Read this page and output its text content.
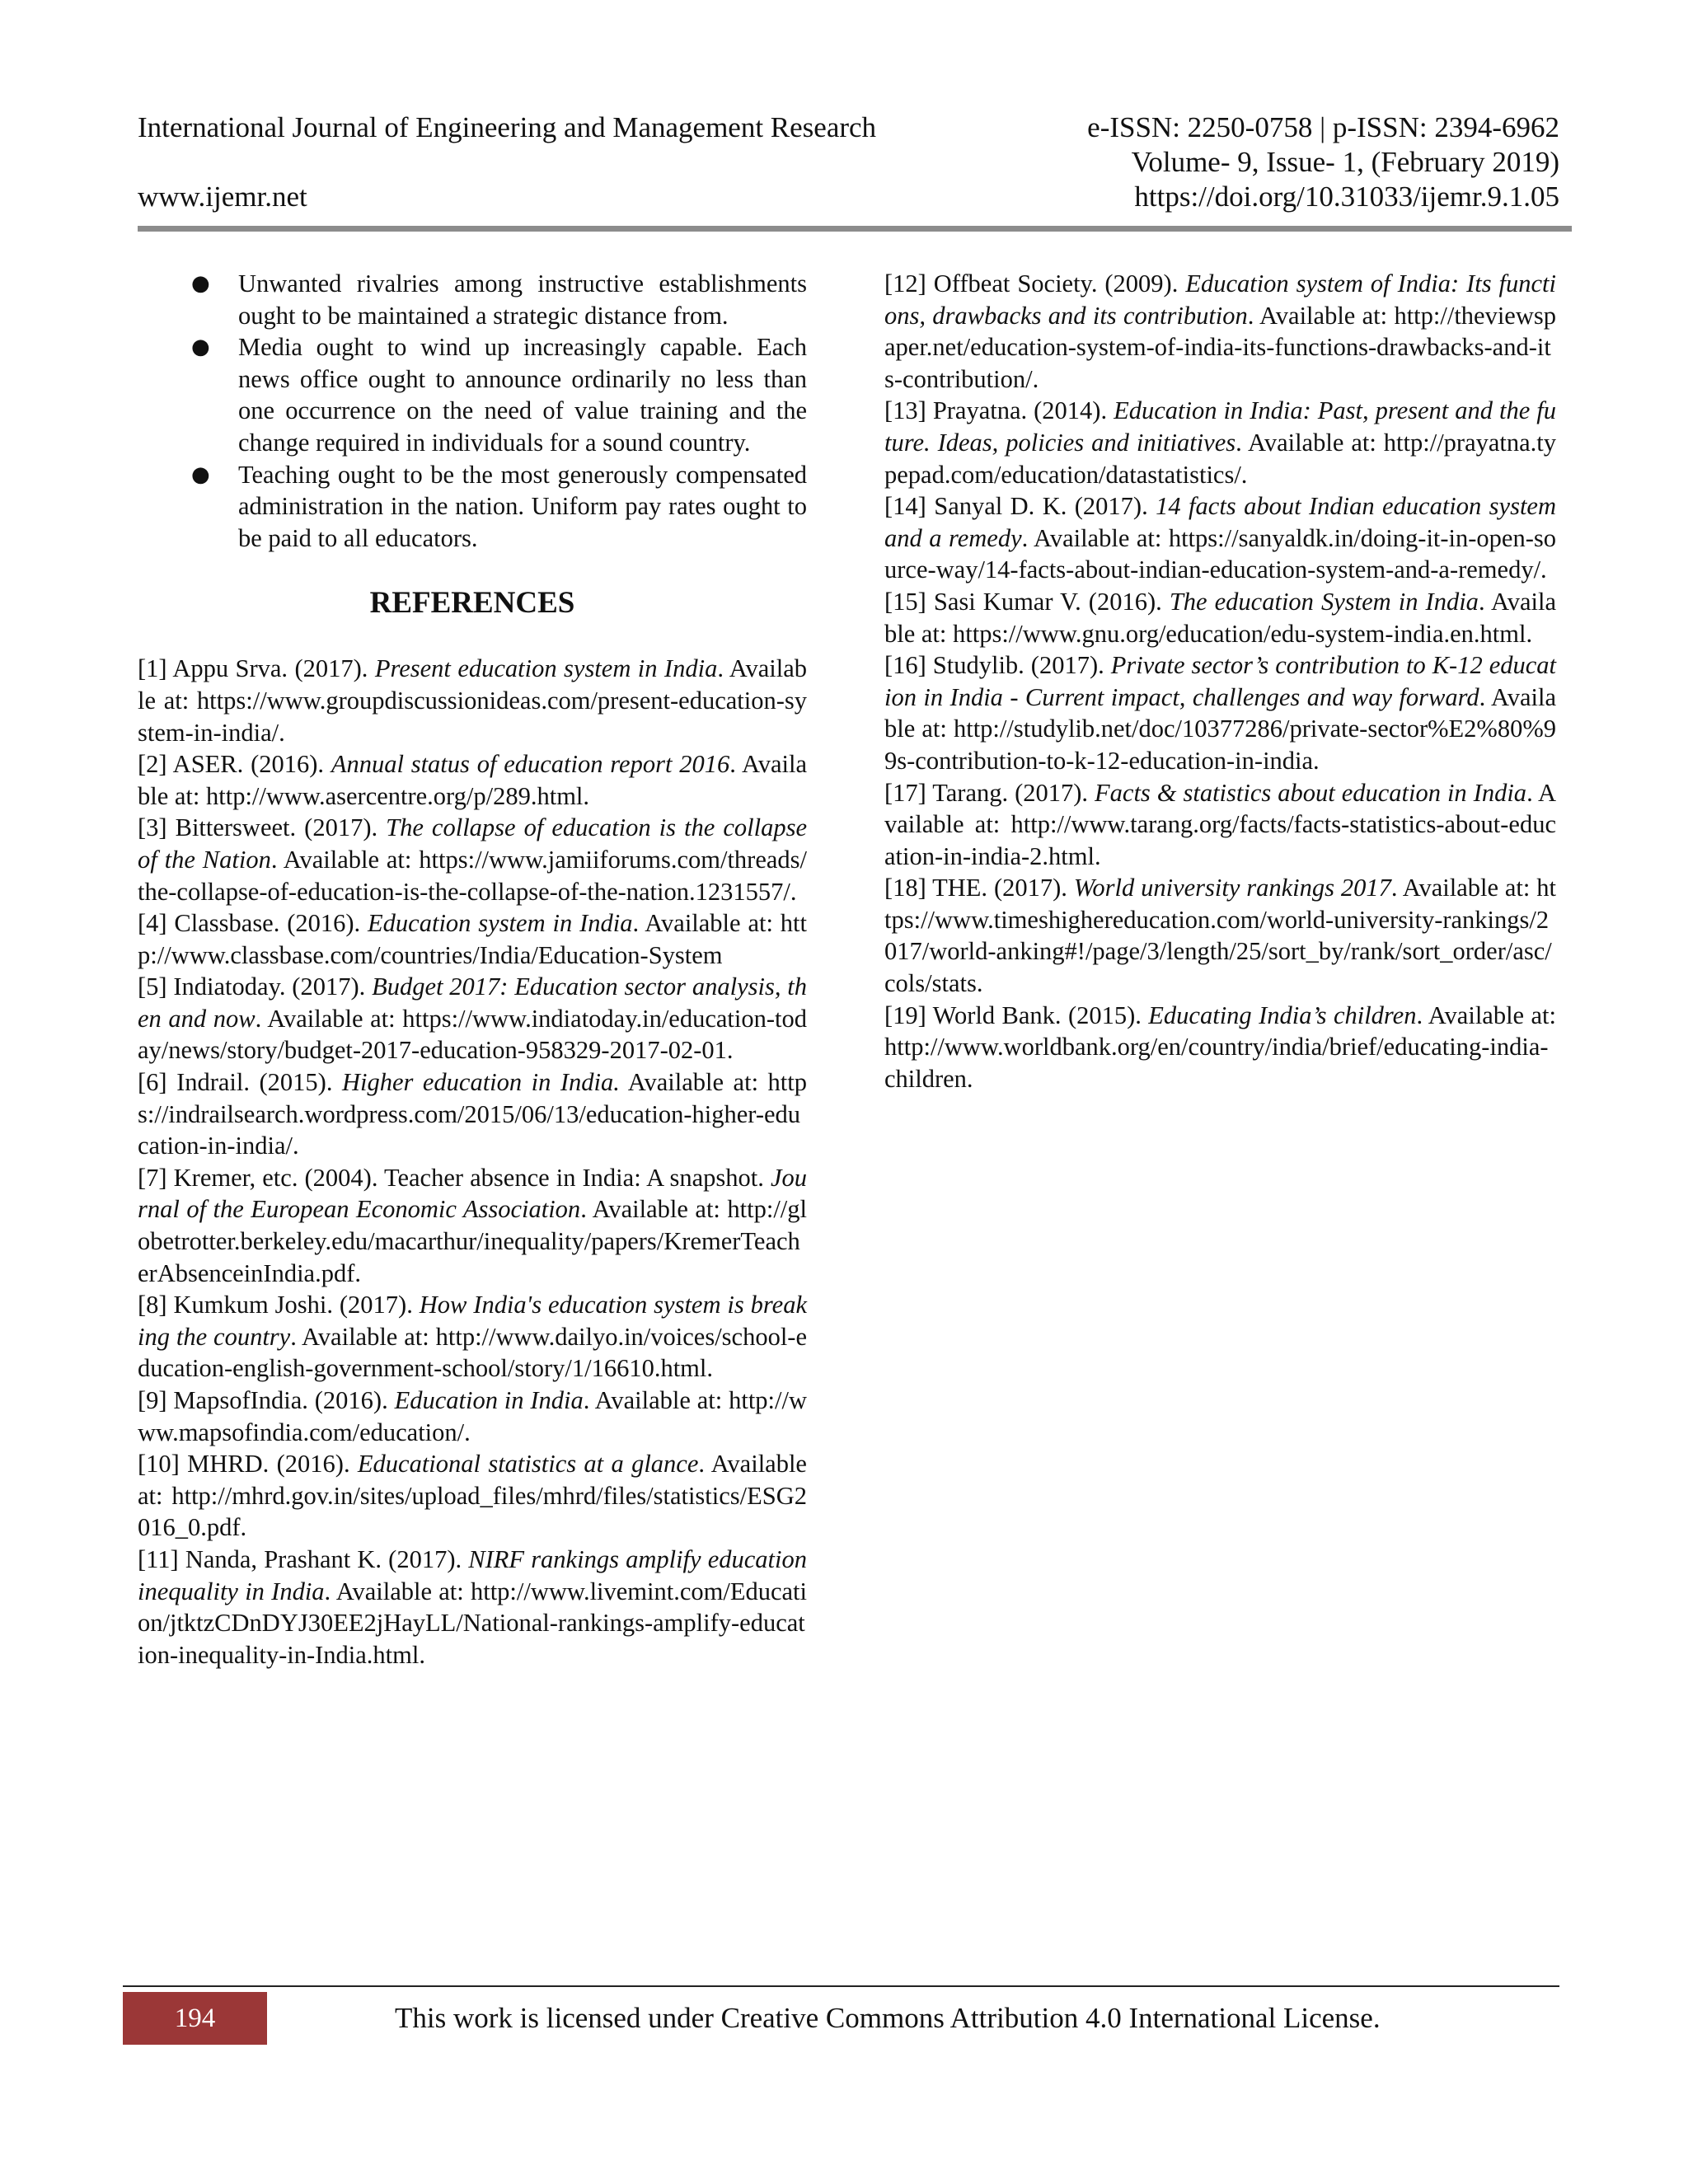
International Journal of Engineering and Management Research
www.ijemr.net
e-ISSN: 2250-0758 | p-ISSN: 2394-6962
Volume- 9, Issue- 1, (February 2019)
https://doi.org/10.31033/ijemr.9.1.05
● Unwanted rivalries among instructive establishments ought to be maintained a strategic distance from.
● Media ought to wind up increasingly capable. Each news office ought to announce ordinarily no less than one occurrence on the need of value training and the change required in individuals for a sound country.
● Teaching ought to be the most generously compensated administration in the nation. Uniform pay rates ought to be paid to all educators.
REFERENCES

[1] Appu Srva. (2017). Present education system in India. Available at: https://www.groupdiscussionideas.com/present-education-system-in-india/.

[2] ASER. (2016). Annual status of education report 2016. Available at: http://www.asercentre.org/p/289.html.

[3] Bittersweet. (2017). The collapse of education is the collapse of the Nation. Available at: https://www.jamiiforums.com/threads/the-collapse-of-education-is-the-collapse-of-the-nation.1231557/.

[4] Classbase. (2016). Education system in India. Available at: http://www.classbase.com/countries/India/Education-System

[5] Indiatoday. (2017). Budget 2017: Education sector analysis, then and now. Available at: https://www.indiatoday.in/education-today/news/story/budget-2017-education-958329-2017-02-01.

[6] Indrail. (2015). Higher education in India. Available at: https://indrailsearch.wordpress.com/2015/06/13/education-higher-education-in-india/.

[7] Kremer, etc. (2004). Teacher absence in India: A snapshot. Journal of the European Economic Association. Available at: http://globetrotter.berkeley.edu/macarthur/inequality/papers/KremerTeacherAbsenceinIndia.pdf.

[8] Kumkum Joshi. (2017). How India's education system is breaking the country. Available at: http://www.dailyo.in/voices/school-education-english-government-school/story/1/16610.html.

[9] MapsofIndia. (2016). Education in India. Available at: http://www.mapsofindia.com/education/.

[10] MHRD. (2016). Educational statistics at a glance. Available at: http://mhrd.gov.in/sites/upload_files/mhrd/files/statistics/ESG2016_0.pdf.

[11] Nanda, Prashant K. (2017). NIRF rankings amplify education inequality in India. Available at: http://www.livemint.com/Education/jtktzCDnDYJ30EE2jHayLL/National-rankings-amplify-education-inequality-in-India.html.

[12] Offbeat Society. (2009). Education system of India: Its functions, drawbacks and its contribution. Available at: http://theviewspaper.net/education-system-of-india-its-functions-drawbacks-and-its-contribution/.

[13] Prayatna. (2014). Education in India: Past, present and the future. Ideas, policies and initiatives. Available at: http://prayatna.typepad.com/education/datastatistics/.

[14] Sanyal D. K. (2017). 14 facts about Indian education system and a remedy. Available at: https://sanyaldk.in/doing-it-in-open-source-way/14-facts-about-indian-education-system-and-a-remedy/.

[15] Sasi Kumar V. (2016). The education System in India. Available at: https://www.gnu.org/education/edu-system-india.en.html.

[16] Studylib. (2017). Private sector’s contribution to K-12 education in India - Current impact, challenges and way forward. Available at: http://studylib.net/doc/10377286/private-sector%E2%80%99s-contribution-to-k-12-education-in-india.

[17] Tarang. (2017). Facts & statistics about education in India. Available at: http://www.tarang.org/facts/facts-statistics-about-education-in-india-2.html.

[18] THE. (2017). World university rankings 2017. Available at: https://www.timeshighereducation.com/world-university-rankings/2017/world-anking#!/page/3/length/25/sort_by/rank/sort_order/asc/cols/stats.

[19] World Bank. (2015). Educating India’s children. Available at: http://www.worldbank.org/en/country/india/brief/educating-india-children.

194	This work is licensed under Creative Commons Attribution 4.0 International License.
